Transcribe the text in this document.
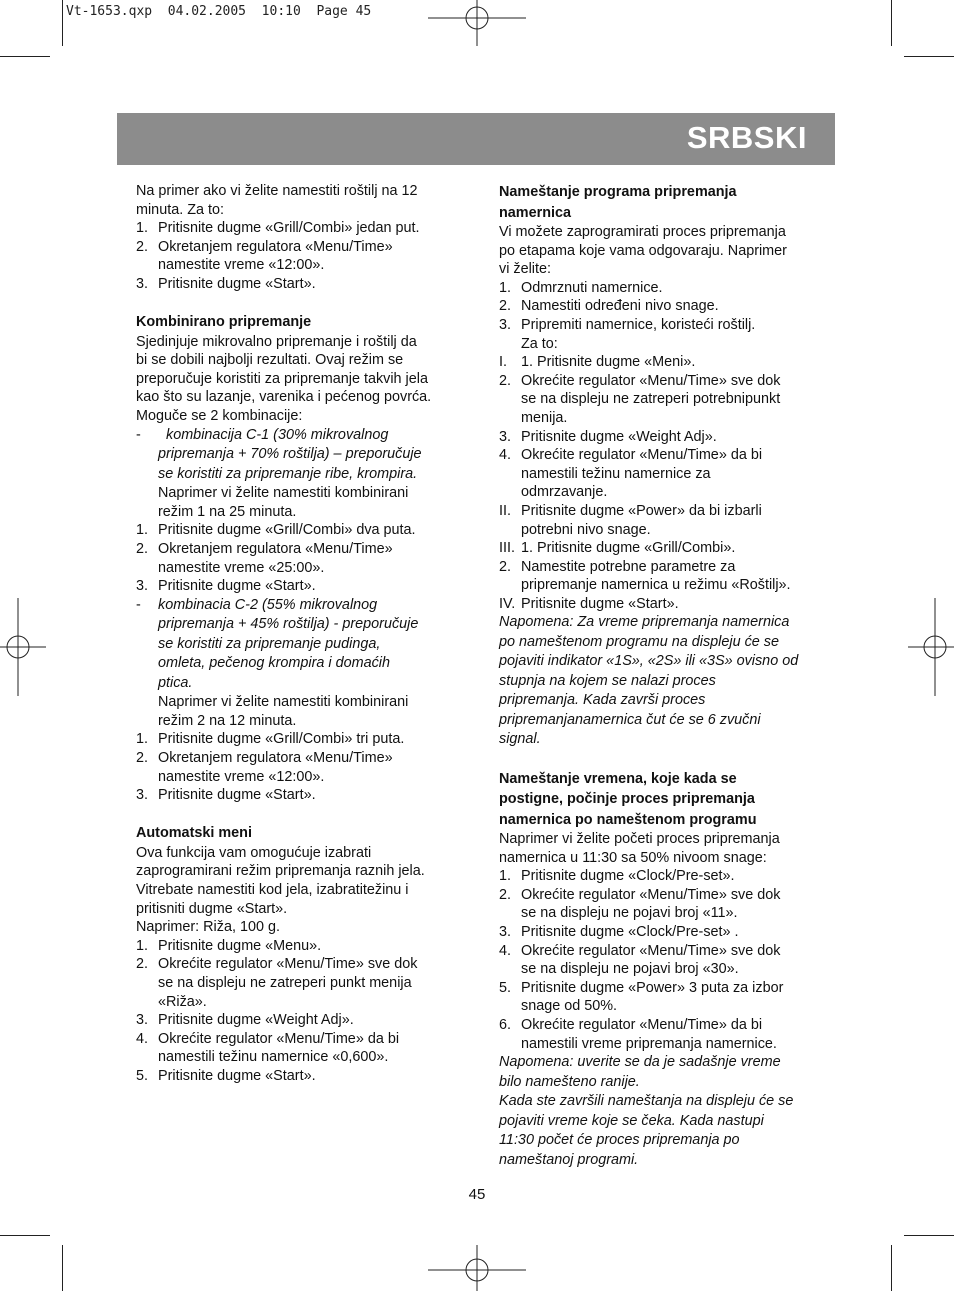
Vt-1653.qxp  04.02.2005  10:10  Page 45
SRBSKI

Na primer ako vi želite namestiti roštilj na 12

minuta. Za to:

1. Pritisnite dugme «Grill/Combi» jedan put.

2. Okretanjem regulatora «Menu/Time»

namestite vreme «12:00».

3. Pritisnite dugme «Start».

Kombinirano pripremanje

Sjedinjuje mikrovalno pripremanje i roštilj da

bi se dobili najbolji rezultati. Ovaj režim se

preporučuje koristiti za pripremanje takvih jela

kao što su lazanje, varenika i pećenog povrća.

Moguče se 2 kombinacije:

- kombinacija C-1 (30% mikrovalnog

pripremanja + 70% roštilja) – preporučuje

se koristiti za pripremanje ribe, krompira.

Naprimer vi želite namestiti kombinirani

režim 1 na 25 minuta.

1. Pritisnite dugme «Grill/Combi» dva puta.

2. Okretanjem regulatora «Menu/Time»

namestite vreme «25:00».

3. Pritisnite dugme «Start».

- kombinacia C-2 (55% mikrovalnog

pripremanja + 45% roštilja) - preporučuje

se koristiti za pripremanje pudinga,

omleta, pečenog krompira i domaćih

ptica.

Naprimer vi želite namestiti kombinirani

režim 2 na 12 minuta.

1. Pritisnite dugme «Grill/Combi» tri puta.

2. Okretanjem regulatora «Menu/Time»

namestite vreme «12:00».

3. Pritisnite dugme «Start».

Automatski meni

Ova funkcija vam omogućuje izabrati

zaprogramirani režim pripremanja raznih jela.

Vitrebate namestiti kod jela, izabratitežinu i

pritisniti dugme «Start».

Naprimer: Riža, 100 g.

1. Pritisnite dugme «Menu».

2. Okrećite regulator «Menu/Time» sve dok

se na displeju ne zatreperi punkt menija

«Riža».

3. Pritisnite dugme «Weight Adj».

4. Okrećite regulator «Menu/Time» da bi

namestili težinu namernice «0,600».

5. Pritisnite dugme «Start».

Nameštanje programa pripremanja

namernica

Vi možete zaprogramirati proces pripremanja

po etapama koje vama odgovaraju. Naprimer

vi želite:

1. Odmrznuti namernice.

2. Namestiti određeni nivo snage.

3. Pripremiti namernice, koristeći roštilj.

Za to:

I. 1. Pritisnite dugme «Meni».

2. Okrećite regulator «Menu/Time» sve dok

se na displeju ne zatreperi potrebnipunkt

menija.

3. Pritisnite dugme «Weight Adj».

4. Okrećite regulator «Menu/Time» da bi

namestili težinu namernice za

odmrzavanje.

II. Pritisnite dugme «Power» da bi izbarli

potrebni nivo snage.

III. 1. Pritisnite dugme «Grill/Combi».

2. Namestite potrebne parametre za

pripremanje namernica u režimu «Roštilj».

IV. Pritisnite dugme «Start».

Napomena: Za vreme pripremanja namernica

po nameštenom programu na displeju će se

pojaviti indikator «1S», «2S» ili «3S» ovisno od

stupnja na kojem se nalazi proces

pripremanja. Kada završi proces

pripremanjanamernica čut će se 6 zvučni

signal.

Nameštanje vremena, koje kada se

postigne, počinje proces pripremanja

namernica po nameštenom programu

Naprimer vi želite početi proces pripremanja

namernica u 11:30 sa 50% nivoom snage:

1. Pritisnite dugme «Clock/Pre-set».

2. Okrećite regulator «Menu/Time» sve dok

se na displeju ne pojavi broj «11».

3. Pritisnite dugme «Clock/Pre-set» .

4. Okrećite regulator «Menu/Time» sve dok

se na displeju ne pojavi broj «30».

5. Pritisnite dugme «Power» 3 puta za izbor

snage od 50%.

6. Okrećite regulator «Menu/Time» da bi

namestili vreme pripremanja namernice.

Napomena: uverite se da je sadašnje vreme

bilo namešteno ranije.

Kada ste završili nameštanja na displeju će se

pojaviti vreme koje se čeka. Kada nastupi

11:30 počet će proces pripremanja po

nameštanoj programi.

45
